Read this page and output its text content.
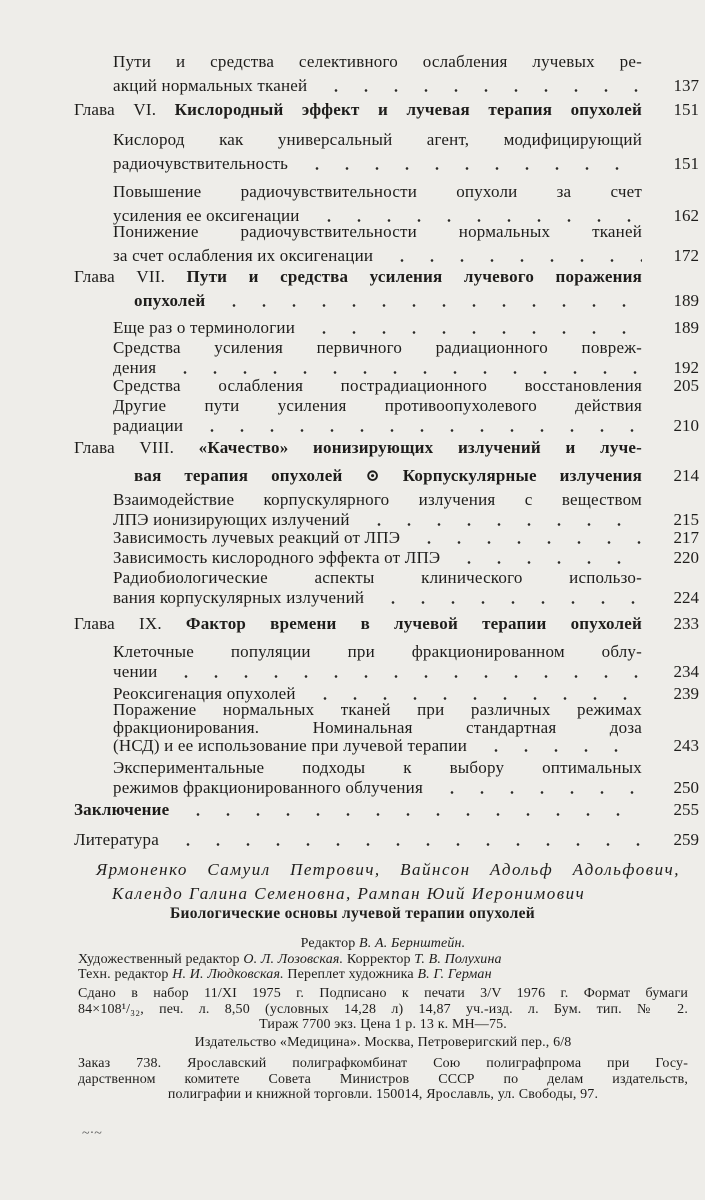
Пути и средства селективного ослабления лучевых ре-
акций нормальных тканей	137
Глава VI. Кислородный эффект и лучевая терапия опухолей 151
Кислород как универсальный агент, модифицирующий
радиочувствительность	151
Повышение радиочувствительности опухоли за счет
усиления ее оксигенации	162
Понижение радиочувствительности нормальных тканей
за счет ослабления их оксигенации	172
Глава VII. Пути и средства усиления лучевого поражения
опухолей	189
Еще раз о терминологии	189
Средства усиления первичного радиационного повреж-
дения	192
Средства ослабления пострадиационного восстановления 205
Другие пути усиления противоопухолевого действия
радиации	210
Глава VIII. «Качество» ионизирующих излучений и луче-
вая терапия опухолей ⊙ Корпускулярные излучения 214
Взаимодействие корпускулярного излучения с веществом
ЛПЭ ионизирующих излучений	215
Зависимость лучевых реакций от ЛПЭ	217
Зависимость кислородного эффекта от ЛПЭ	220
Радиобиологические аспекты клинического использо-
вания корпускулярных излучений	224
Глава IX. Фактор времени в лучевой терапии опухолей 233
Клеточные популяции при фракционированном облу-
чении	234
Реоксигенация опухолей	239
Поражение нормальных тканей при различных режимах
фракционирования. Номинальная стандартная доза
(НСД) и ее использование при лучевой терапии	243
Экспериментальные подходы к выбору оптимальных
режимов фракционированного облучения	250
Заключение	255
Литература	259
Ярмоненко Самуил Петрович, Вайнсон Адольф Адольфович,
Календо Галина Семеновна, Рампан Юий Иеронимович
Биологические основы лучевой терапии опухолей
Редактор В. А. Бернштейн.
Художественный редактор О. Л. Лозовская. Корректор Т. В. Полухина
Техн. редактор Н. И. Людковская. Переплет художника В. Г. Герман
Сдано в набор 11/XI 1975 г. Подписано к печати 3/V 1976 г. Формат бумаги
84×108¹/₃₂, печ. л. 8,50 (условных 14,28 л) 14,87 уч.-изд. л. Бум. тип. № 2.
Тираж 7700 экз. Цена 1 р. 13 к. МН—75.
Издательство «Медицина». Москва, Петроверигский пер., 6/8
Заказ 738. Ярославский полиграфкомбинат Сою полиграфпрома при Госу-
дарственном комитете Совета Министров СССР по делам издательств,
полиграфии и книжной торговли. 150014, Ярославль, ул. Свободы, 97.
~·~
